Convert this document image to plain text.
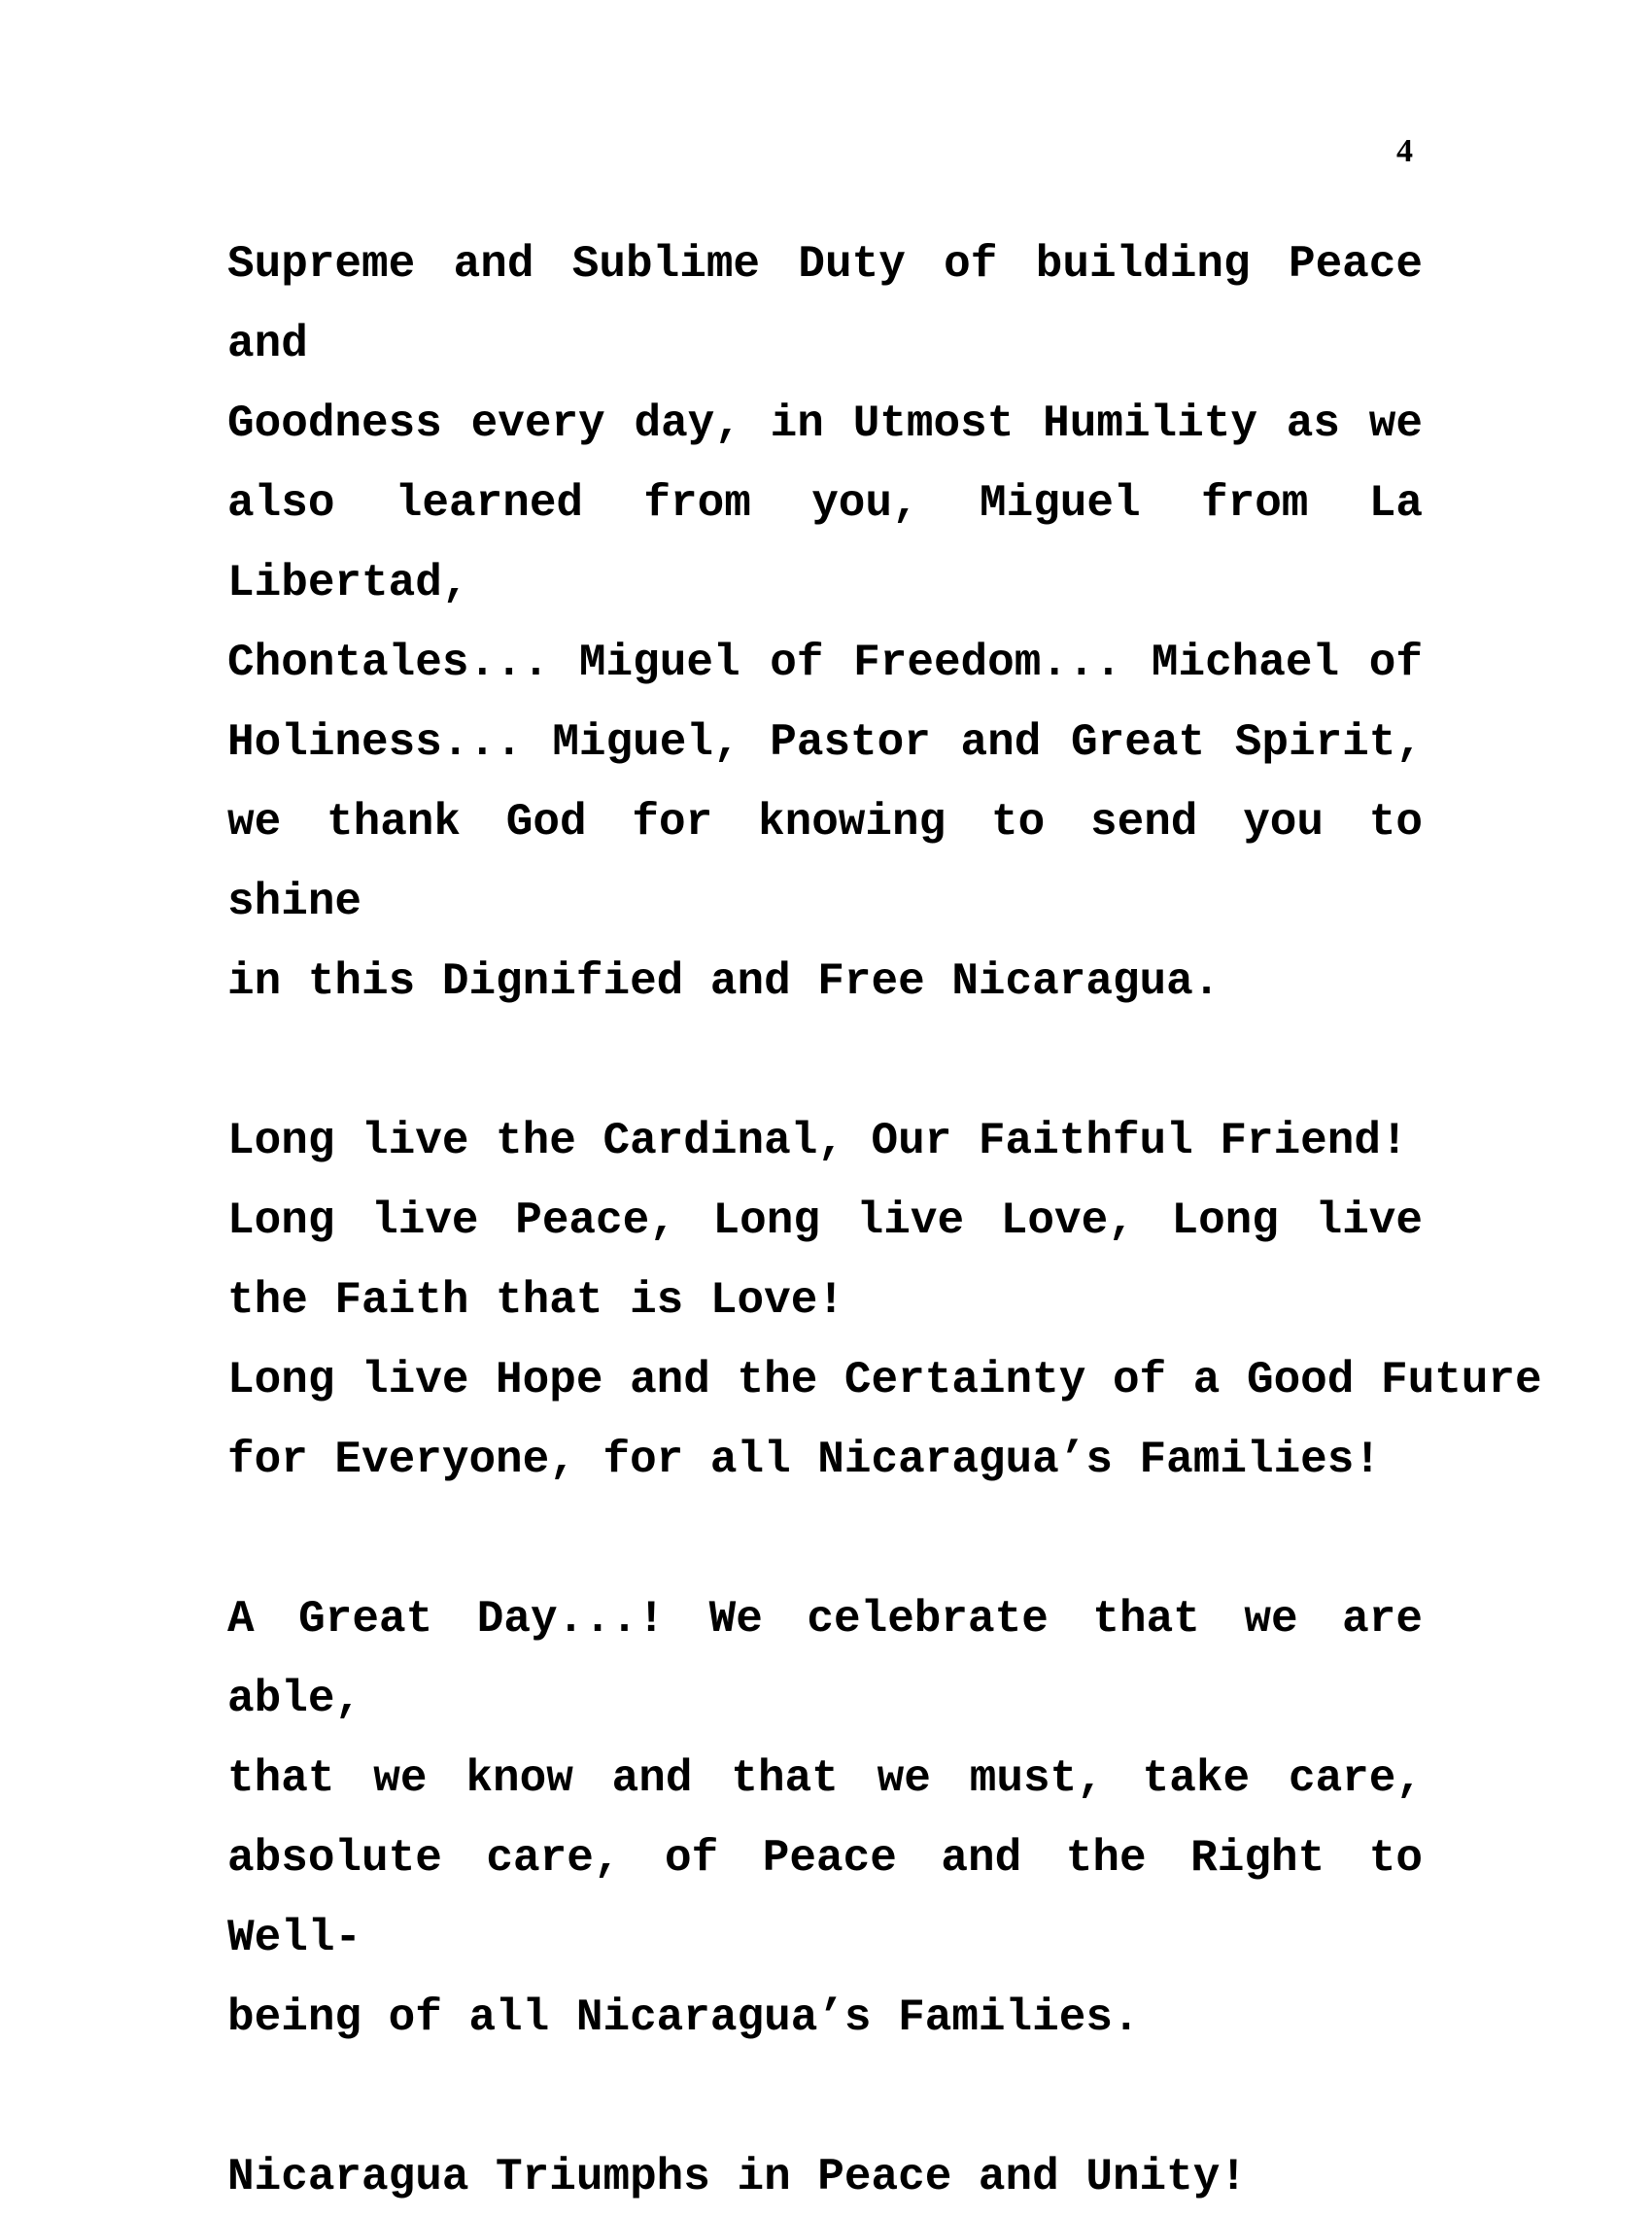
4
Supreme and Sublime Duty of building Peace and
Goodness every day, in Utmost Humility as we
also learned from you, Miguel from La Libertad,
Chontales... Miguel of Freedom... Michael of
Holiness... Miguel, Pastor and Great Spirit,
we thank God for knowing to send you to shine
in this Dignified and Free Nicaragua.
Long live the Cardinal, Our Faithful Friend!
Long live Peace, Long live Love, Long live
the Faith that is Love!
Long live Hope and the Certainty of a Good Future
for Everyone, for all Nicaragua’s Families!
A Great Day...! We celebrate that we are able,
that we know and that we must, take care,
absolute care, of Peace and the Right to Well-
being of all Nicaragua’s Families.
Nicaragua Triumphs in Peace and Unity!
